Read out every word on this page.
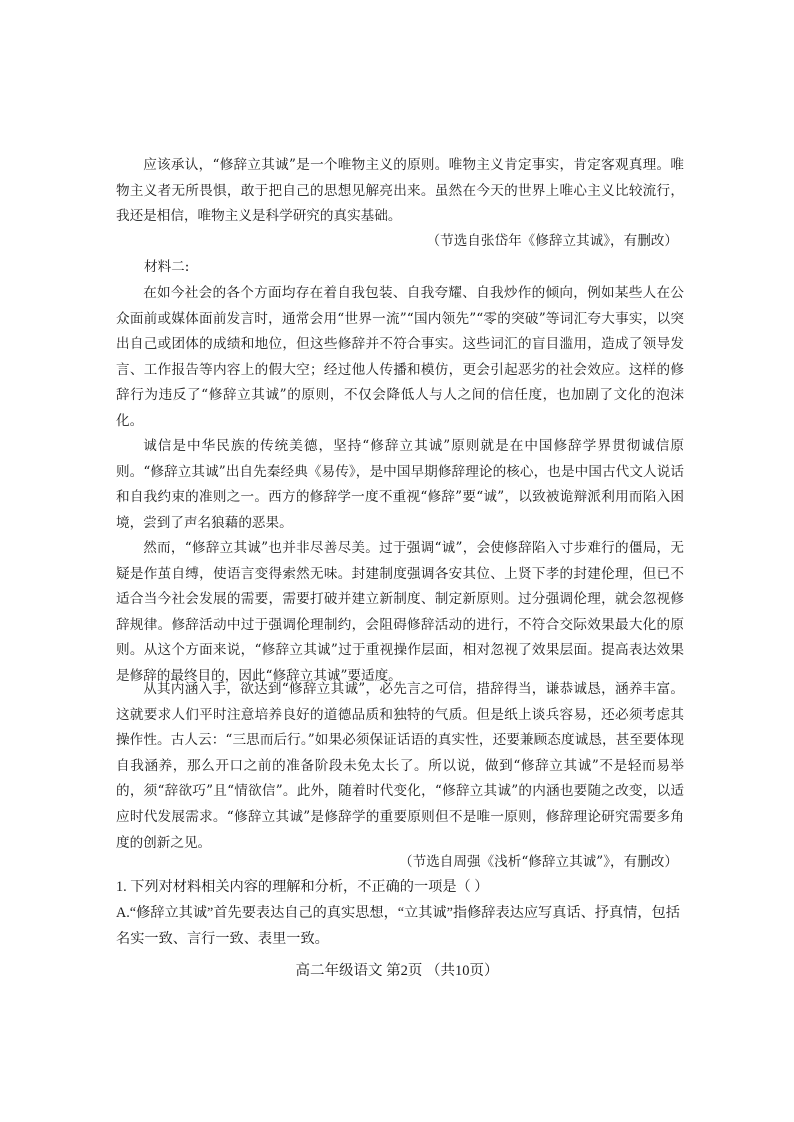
应该承认，“修辞立其诚”是一个唯物主义的原则。唯物主义肯定事实，肯定客观真理。唯物主义者无所畏惧，敢于把自己的思想见解亮出来。虽然在今天的世界上唯心主义比较流行，我还是相信，唯物主义是科学研究的真实基础。

（节选自张岱年《修辞立其诚》，有删改）

材料二:

在如今社会的各个方面均存在着自我包装、自我夸耀、自我炒作的倾向，例如某些人在公众面前或媒体面前发言时，通常会用“世界一流”“国内领先”“零的突破”等词汇夸大事实，以突出自己或团体的成绩和地位，但这些修辞并不符合事实。这些词汇的盲目滥用，造成了领导发言、工作报告等内容上的假大空；经过他人传播和模仿，更会引起恶劣的社会效应。这样的修辞行为违反了“修辞立其诚”的原则，不仅会降低人与人之间的信任度，也加剧了文化的泡沫化。

诚信是中华民族的传统美德，坚持“修辞立其诚”原则就是在中国修辞学界贯彻诚信原则。“修辞立其诚”出自先秦经典《易传》，是中国早期修辞理论的核心，也是中国古代文人说话和自我约束的准则之一。西方的修辞学一度不重视“修辞”要“诚”，以致被诡辩派利用而陷入困境，尝到了声名狼藉的恶果。

然而，“修辞立其诚”也并非尽善尽美。过于强调“诚”，会使修辞陷入寸步难行的僵局，无疑是作茧自缚，使语言变得索然无味。封建制度强调各安其位、上贤下孝的封建伦理，但已不适合当今社会发展的需要，需要打破并建立新制度、制定新原则。过分强调伦理，就会忽视修辞规律。修辞活动中过于强调伦理制约，会阻碍修辞活动的进行，不符合交际效果最大化的原则。从这个方面来说，“修辞立其诚”过于重视操作层面，相对忽视了效果层面。提高表达效果是修辞的最终目的，因此“修辞立其诚”要适度。

从其内涵入手，欲达到“修辞立其诚”，必先言之可信，措辞得当，谦恭诚恳，涵养丰富。这就要求人们平时注意培养良好的道德品质和独特的气质。但是纸上谈兵容易，还必须考虑其操作性。古人云：“三思而后行。”如果必须保证话语的真实性，还要兼顾态度诚恳，甚至要体现自我涵养，那么开口之前的准备阶段未免太长了。所以说，做到“修辞立其诚”不是轻而易举的，须“辞欲巧”且“情欲信”。此外，随着时代变化，“修辞立其诚”的内涵也要随之改变，以适应时代发展需求。“修辞立其诚”是修辞学的重要原则但不是唯一原则，修辞理论研究需要多角度的创新之见。

（节选自周强《浅析“修辞立其诚”》，有删改）

1. 下列对材料相关内容的理解和分析，不正确的一项是（ ）

A.“修辞立其诚”首先要表达自己的真实思想，“立其诚”指修辞表达应写真话、抒真情，包括名实一致、言行一致、表里一致。

高二年级语文 第2页 （共10页）
